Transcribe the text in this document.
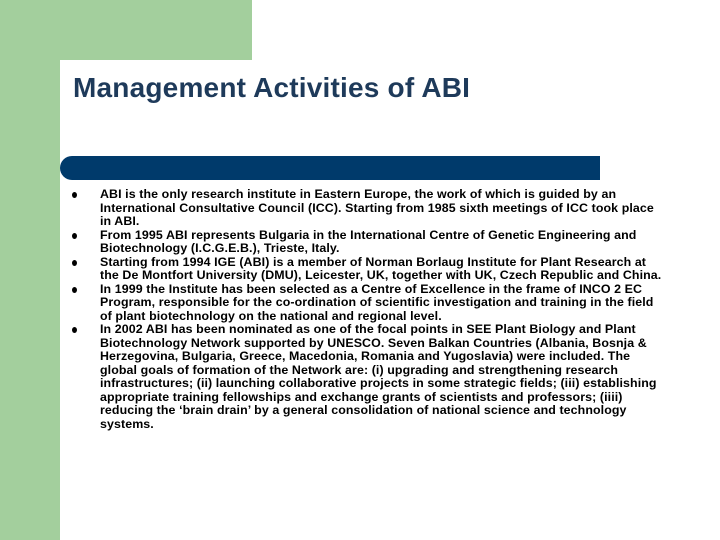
Management Activities of ABI
ABI is the only research institute in Eastern Europe, the work of which is guided by an International Consultative Council (ICC). Starting from 1985 sixth meetings of ICC took place in ABI.
From 1995 ABI represents Bulgaria in the International Centre of Genetic Engineering and Biotechnology (I.C.G.E.B.), Trieste, Italy.
Starting from 1994 IGE (ABI) is a member of Norman Borlaug Institute for Plant Research at the De Montfort University (DMU), Leicester, UK, together with UK, Czech Republic and China.
In 1999 the Institute has been selected as a Centre of Excellence in the frame of INCO 2 EC Program, responsible for the co-ordination of scientific investigation and training in the field of plant biotechnology on the national and regional level.
In 2002 ABI has been nominated as one of the focal points in SEE Plant Biology and Plant Biotechnology Network supported by UNESCO. Seven Balkan Countries (Albania, Bosnja & Herzegovina, Bulgaria, Greece, Macedonia, Romania and Yugoslavia) were included. The global goals of formation of the Network are: (i) upgrading and strengthening research infrastructures; (ii) launching collaborative projects in some strategic fields; (iii) establishing appropriate training fellowships and exchange grants of scientists and professors; (iiii) reducing the ‘brain drain’ by a general consolidation of national science and technology systems.
